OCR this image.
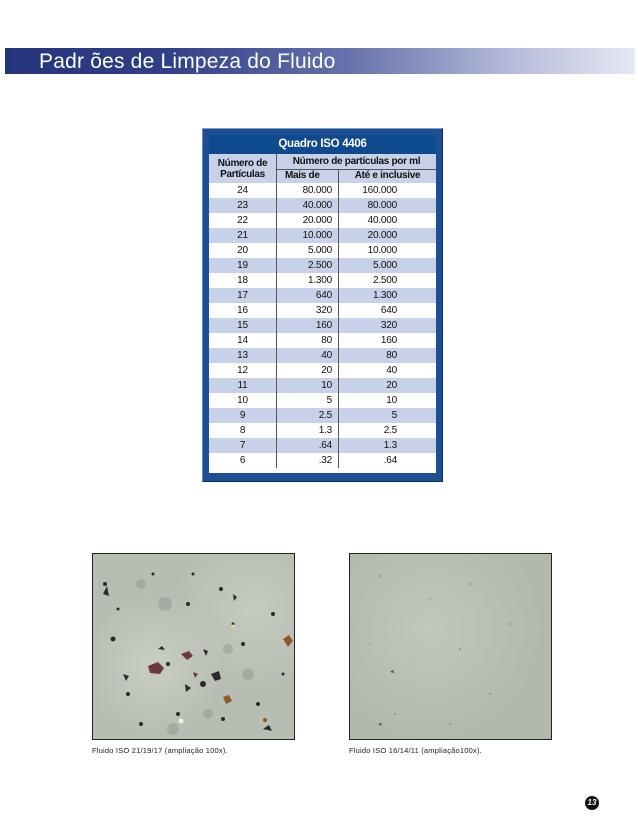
Padr ões de Limpeza do Fluido
Quadro ISO 4406
Número de
Partículas
Número de partículas por ml
Mais de	Até e inclusive
24	80.000	160.000
23	40.000	80.000
22	20.000	40.000
21	10.000	20.000
20	5.000	10.000
19	2.500	5.000
18	1.300	2.500
17	640	1.300
16	320	640
15	160	320
14	80	160
13	40	80
12	20	40
11	10	20
10	5	10
9	2.5	5
8	1.3	2.5
7	.64	1.3
6	.32	.64
Fluido ISO 21/19/17 (ampliação 100x).	Fluido ISO 16/14/11 (ampliação100x).
13
